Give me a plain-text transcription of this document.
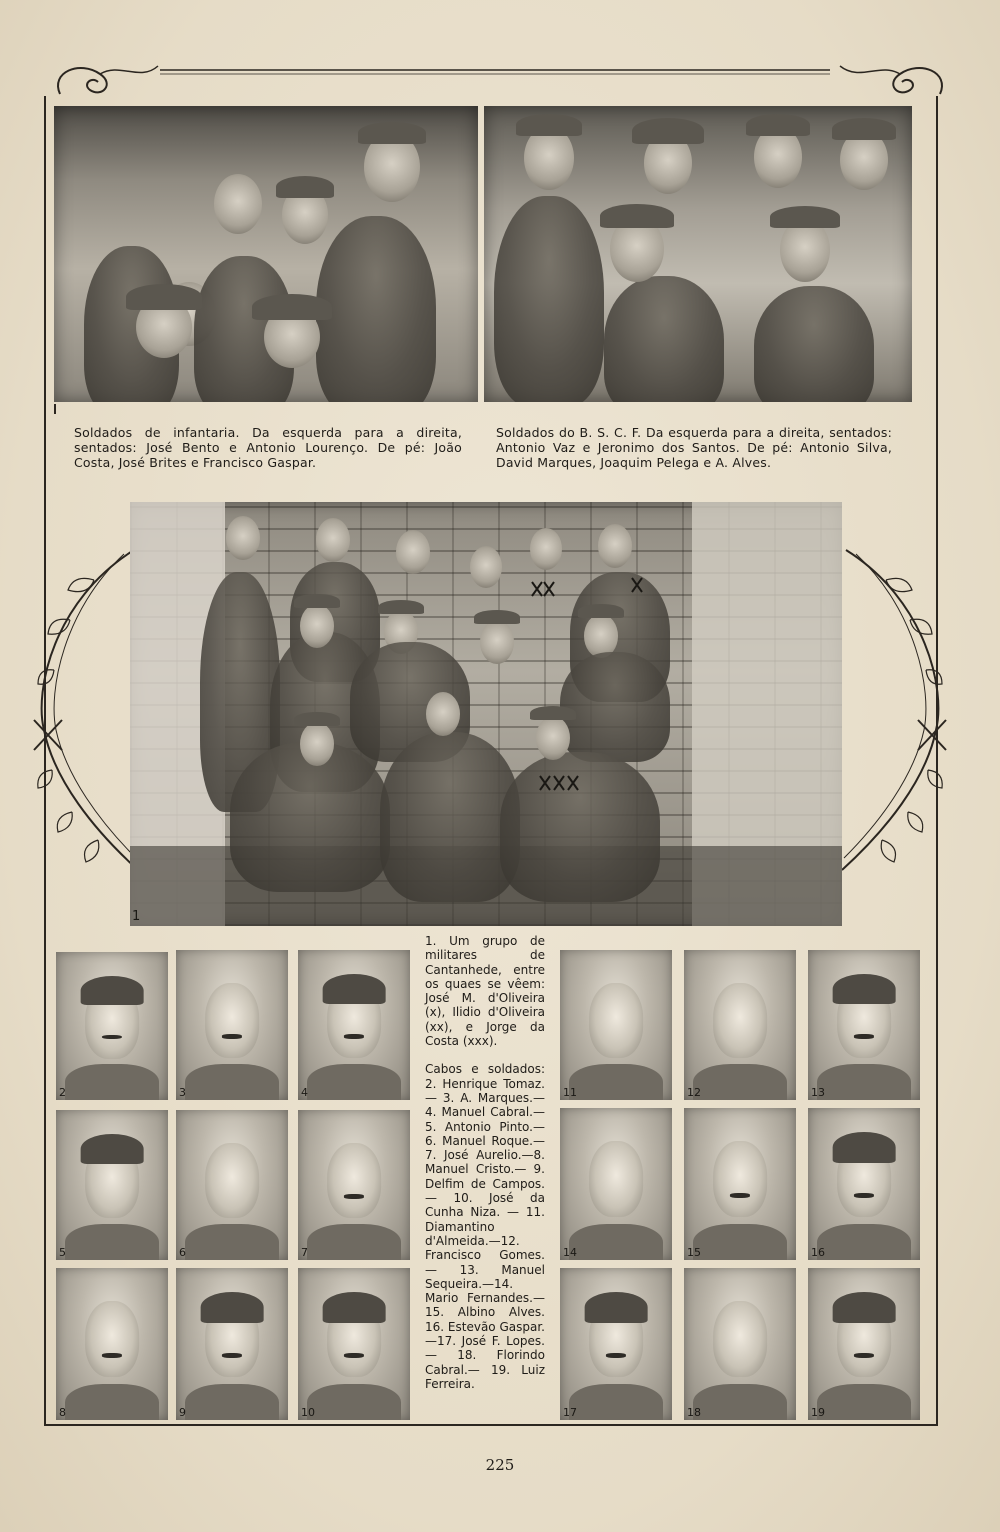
Soldados de infantaria. Da esquerda para a direita, sentados: José Bento e Antonio Lourenço. De pé: João Costa, José Brites e Francisco Gaspar.
Soldados do B. S. C. F. Da esquerda para a direita, sentados: Antonio Vaz e Jeronimo dos Santos. De pé: Antonio Silva, David Marques, Joaquim Pelega e A. Alves.
1
2	3	4
5	6	7
8	9	10

1. Um grupo de militares de Cantanhede, entre os quaes se vêem: José M. d'Oliveira (x), Ilidio d'Oliveira (xx), e Jorge da Costa (xxx).

Cabos e soldados: 2. Henrique Tomaz. — 3. A. Marques.—4. Manuel Cabral.—5. Antonio Pinto.— 6. Manuel Roque.—7. José Aurelio.—8. Manuel Cristo.— 9. Delfim de Campos. — 10. José da Cunha Niza. — 11. Diamantino d'Almeida.—12. Francisco Gomes. — 13. Manuel Sequeira.—14. Mario Fernandes.— 15. Albino Alves. 16. Estevão Gaspar.—17. José F. Lopes. — 18. Florindo Cabral.— 19. Luiz Ferreira.

11	12	13
14	15	16
17	18	19
225
